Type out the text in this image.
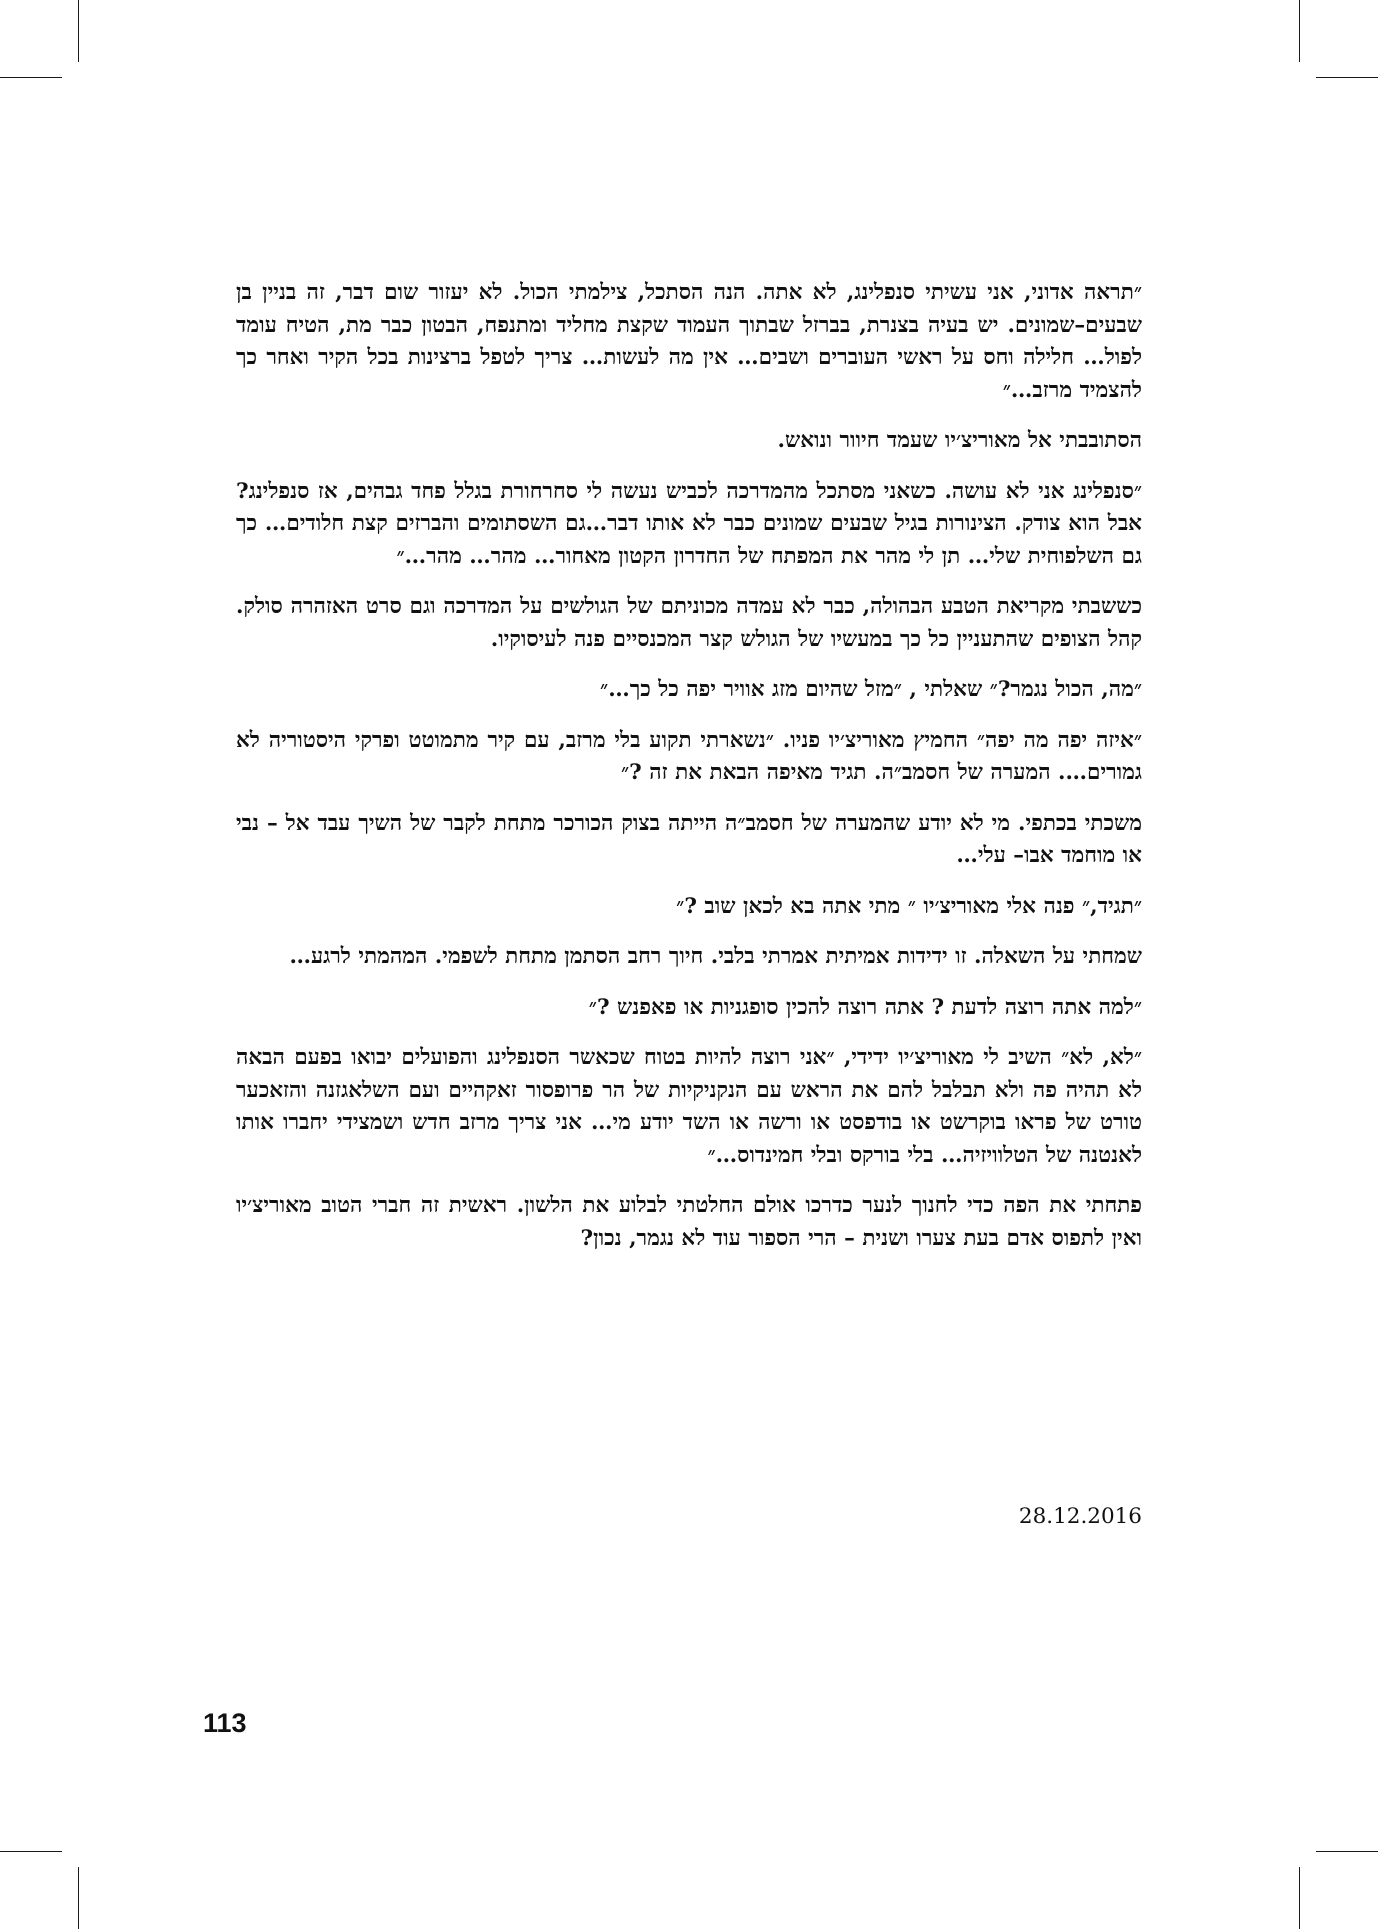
״תראה אדוני, אני עשיתי סנפלינג, לא אתה. הנה הסתכל, צילמתי הכול. לא יעזור שום דבר, זה בניין בן שבעים–שמונים. יש בעיה בצנרת, בברזל שבתוך העמוד שקצת מחליד ומתנפח, הבטון כבר מת, הטיח עומד לפול… חלילה וחס על ראשי העוברים ושבים… אין מה לעשות… צריך לטפל ברצינות בכל הקיר ואחר כך להצמיד מרזב…״

הסתובבתי אל מאוריצ׳יו שעמד חיוור ונואש.

״סנפלינג אני לא עושה. כשאני מסתכל מהמדרכה לכביש נעשה לי סחרחורת בגלל פחד גבהים, אז סנפלינג? אבל הוא צודק. הצינורות בגיל שבעים שמונים כבר לא אותו דבר…גם השסתומים והברזים קצת חלודים… כך גם השלפוחית שלי… תן לי מהר את המפתח של החדרון הקטון מאחור… מהר… מהר…״

כששבתי מקריאת הטבע הבהולה, כבר לא עמדה מכוניתם של הגולשים על המדרכה וגם סרט האזהרה סולק. קהל הצופים שהתעניין כל כך במעשיו של הגולש קצר המכנסיים פנה לעיסוקיו.

״מה, הכול נגמר?״ שאלתי , ״מזל שהיום מזג אוויר יפה כל כך…״

״איזה יפה מה יפה״ החמיץ מאוריצ׳יו פניו. ״נשארתי תקוע בלי מרזב, עם קיר מתמוטט ופרקי היסטוריה לא גמורים…. המערה של חסמב״ה. תגיד מאיפה הבאת את זה ?״

משכתי בכתפי. מי לא יודע שהמערה של חסמב״ה הייתה בצוק הכורכר מתחת לקבר של השיך עבד אל – נבי או מוחמד אבו– עלי…

״תגיד,״ פנה אלי מאוריצ׳יו ״ מתי אתה בא לכאן שוב ?״

שמחתי על השאלה. זו ידידות אמיתית אמרתי בלבי. חיוך רחב הסתמן מתחת לשפמי. המהמתי לרגע…

״למה אתה רוצה לדעת ? אתה רוצה להכין סופגניות או פאפנש ?״

״לא, לא״ השיב לי מאוריצ׳יו ידידי, ״אני רוצה להיות בטוח שכאשר הסנפלינג והפועלים יבואו בפעם הבאה לא תהיה פה ולא תבלבל להם את הראש עם הנקניקיות של הר פרופסור זאקהיים ועם השלאגזנה והזאכער טורט של פראו בוקרשט או בודפסט או ורשה או השד יודע מי… אני צריך מרזב חדש ושמצידי יחברו אותו לאנטנה של הטלוויזיה… בלי בורקס ובלי חמינדוס…״

פתחתי את הפה כדי לחנוך לנער כדרכו אולם החלטתי לבלוע את הלשון. ראשית זה חברי הטוב מאוריצ׳יו ואין לתפוס אדם בעת צערו ושנית – הרי הספור עוד לא נגמר, נכון?

28.12.2016
113
